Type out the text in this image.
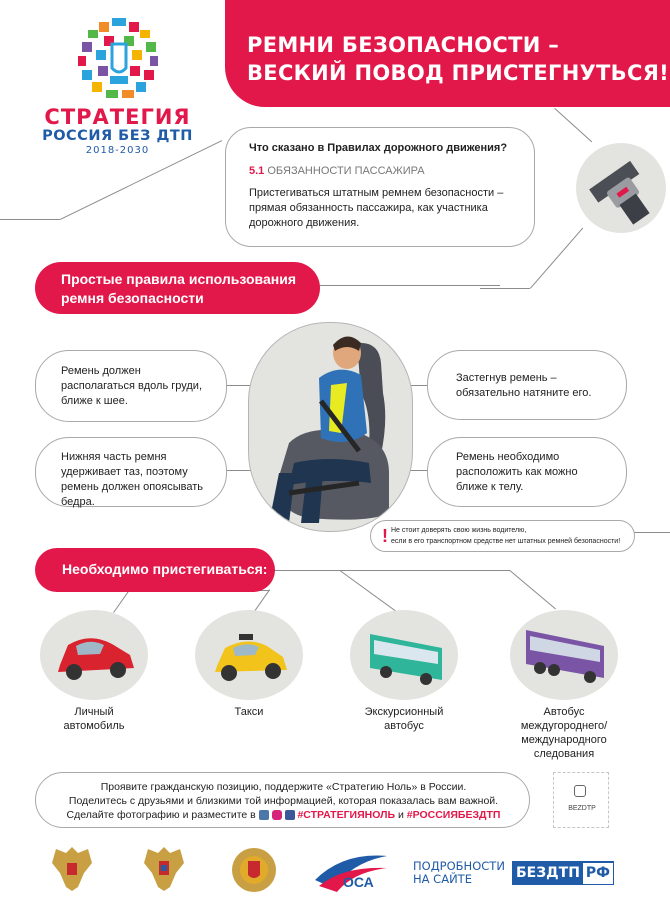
СТРАТЕГИЯ
РОССИЯ БЕЗ ДТП
2018-2030
РЕМНИ БЕЗОПАСНОСТИ –
ВЕСКИЙ ПОВОД ПРИСТЕГНУТЬСЯ!
Что сказано в Правилах дорожного движения?
5.1 ОБЯЗАННОСТИ ПАССАЖИРА
Пристегиваться штатным ремнем безопасности – прямая обязанность пассажира, как участника дорожного движения.
Простые правила использования
ремня безопасности
Ремень должен располагаться вдоль груди, ближе к шее.
Нижняя часть ремня удерживает таз, поэтому ремень должен опоясывать бедра.
Застегнув ремень – обязательно натяните его.
Ремень необходимо расположить как можно ближе к телу.
! Не стоит доверять свою жизнь водителю,
если в его транспортном средстве нет штатных ремней безопасности!
Необходимо пристегиваться:
Личный
автомобиль
Такси	Экскурсионный
автобус
Автобус
междугороднего/
международного
следования
Проявите гражданскую позицию, поддержите «Стратегию Ноль» в России.
Поделитесь с друзьями и близкими той информацией, которая показалась вам важной.
Сделайте фотографию и разместите в	#СТРАТЕГИЯНОЛЬ и #РОССИЯБЕЗДТП
BEZDTP
ОСА
ПОДРОБНОСТИ
НА САЙТЕ	БЕЗДТП РФ
